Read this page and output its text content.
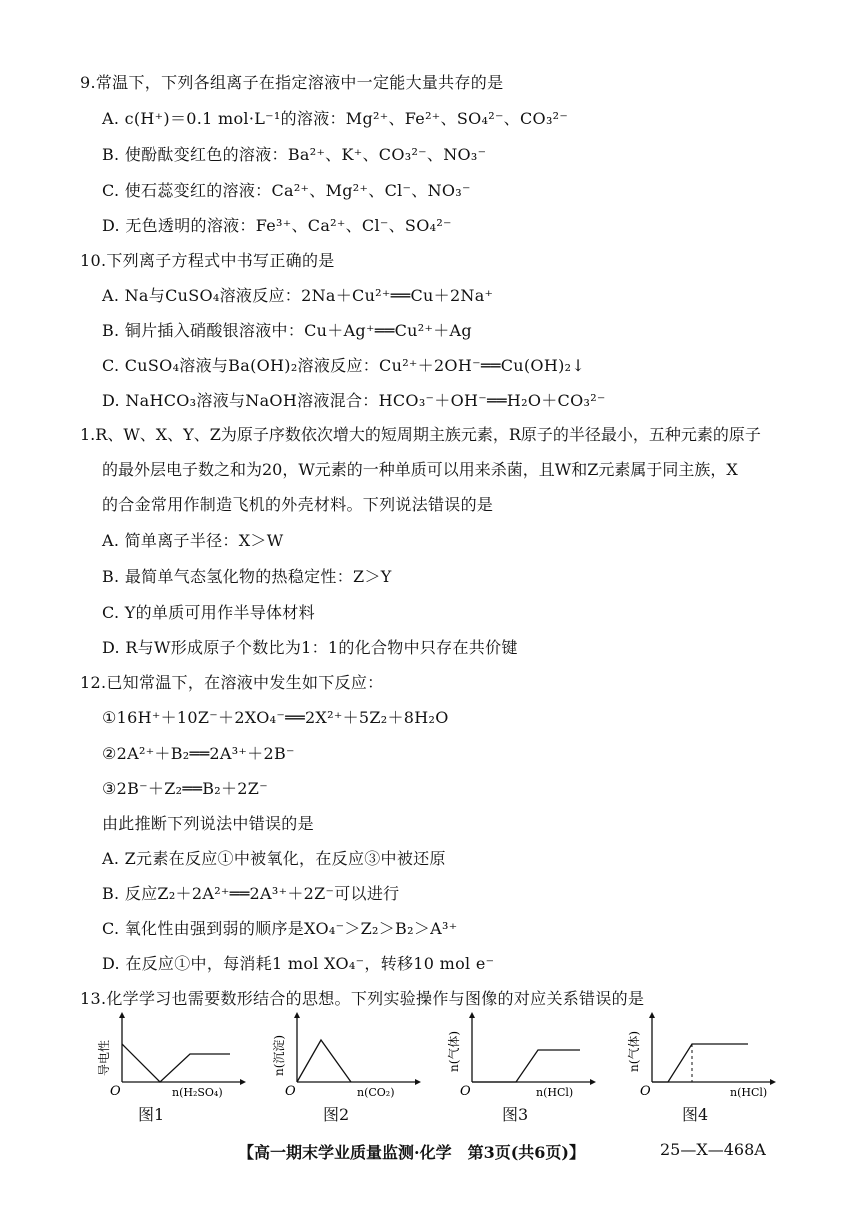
9.常温下，下列各组离子在指定溶液中一定能大量共存的是
A. c(H⁺)＝0.1 mol·L⁻¹的溶液：Mg²⁺、Fe²⁺、SO₄²⁻、CO₃²⁻
B. 使酚酞变红色的溶液：Ba²⁺、K⁺、CO₃²⁻、NO₃⁻
C. 使石蕊变红的溶液：Ca²⁺、Mg²⁺、Cl⁻、NO₃⁻
D. 无色透明的溶液：Fe³⁺、Ca²⁺、Cl⁻、SO₄²⁻
10.下列离子方程式中书写正确的是
A. Na与CuSO₄溶液反应：2Na＋Cu²⁺══Cu＋2Na⁺
B. 铜片插入硝酸银溶液中：Cu＋Ag⁺══Cu²⁺＋Ag
C. CuSO₄溶液与Ba(OH)₂溶液反应：Cu²⁺＋2OH⁻══Cu(OH)₂↓
D. NaHCO₃溶液与NaOH溶液混合：HCO₃⁻＋OH⁻══H₂O＋CO₃²⁻
1.R、W、X、Y、Z为原子序数依次增大的短周期主族元素，R原子的半径最小，五种元素的原子
的最外层电子数之和为20，W元素的一种单质可以用来杀菌，且W和Z元素属于同主族，X
的合金常用作制造飞机的外壳材料。下列说法错误的是
A. 简单离子半径：X＞W
B. 最简单气态氢化物的热稳定性：Z＞Y
C. Y的单质可用作半导体材料
D. R与W形成原子个数比为1：1的化合物中只存在共价键
12.已知常温下，在溶液中发生如下反应：
①16H⁺＋10Z⁻＋2XO₄⁻══2X²⁺＋5Z₂＋8H₂O
②2A²⁺＋B₂══2A³⁺＋2B⁻
③2B⁻＋Z₂══B₂＋2Z⁻
由此推断下列说法中错误的是
A. Z元素在反应①中被氧化，在反应③中被还原
B. 反应Z₂＋2A²⁺══2A³⁺＋2Z⁻可以进行
C. 氧化性由强到弱的顺序是XO₄⁻＞Z₂＞B₂＞A³⁺
D. 在反应①中，每消耗1 mol XO₄⁻，转移10 mol e⁻
13.化学学习也需要数形结合的思想。下列实验操作与图像的对应关系错误的是
O	n(H₂SO₄)
导电性
图1
O	n(CO₂)
n(沉淀)
图2
O	n(HCl)
n(气体)
图3
O	n(HCl)
n(气体)
图4
【高一期末学业质量监测·化学　第3页(共6页)】	25—X—468A
